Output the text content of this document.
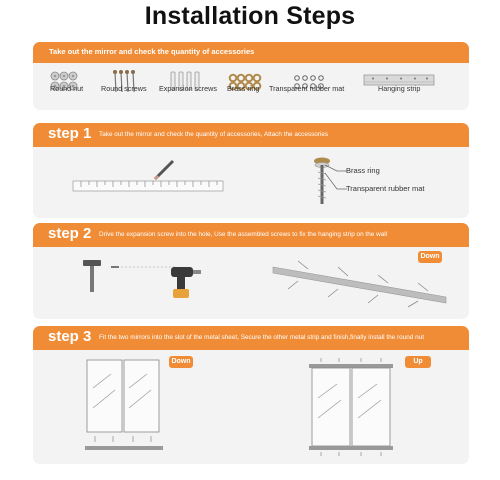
Installation Steps
Take out the mirror and check the quantity of accessories
Round nut Round screws Expansion screws Brass ring Transparent rubber mat	Hanging strip
step 1 Take out the mirror and check the quantity of accessories, Attach the accessories
Brass ring
Transparent rubber mat
step 2 Drive the expansion screw into the hole, Use the assembled screws to fix the hanging strip on the wall
Down
step 3 Fit the two mirrors into the slot of the metal sheet, Secure the other metal strip and finish,finally install the round nut
Down	Up
